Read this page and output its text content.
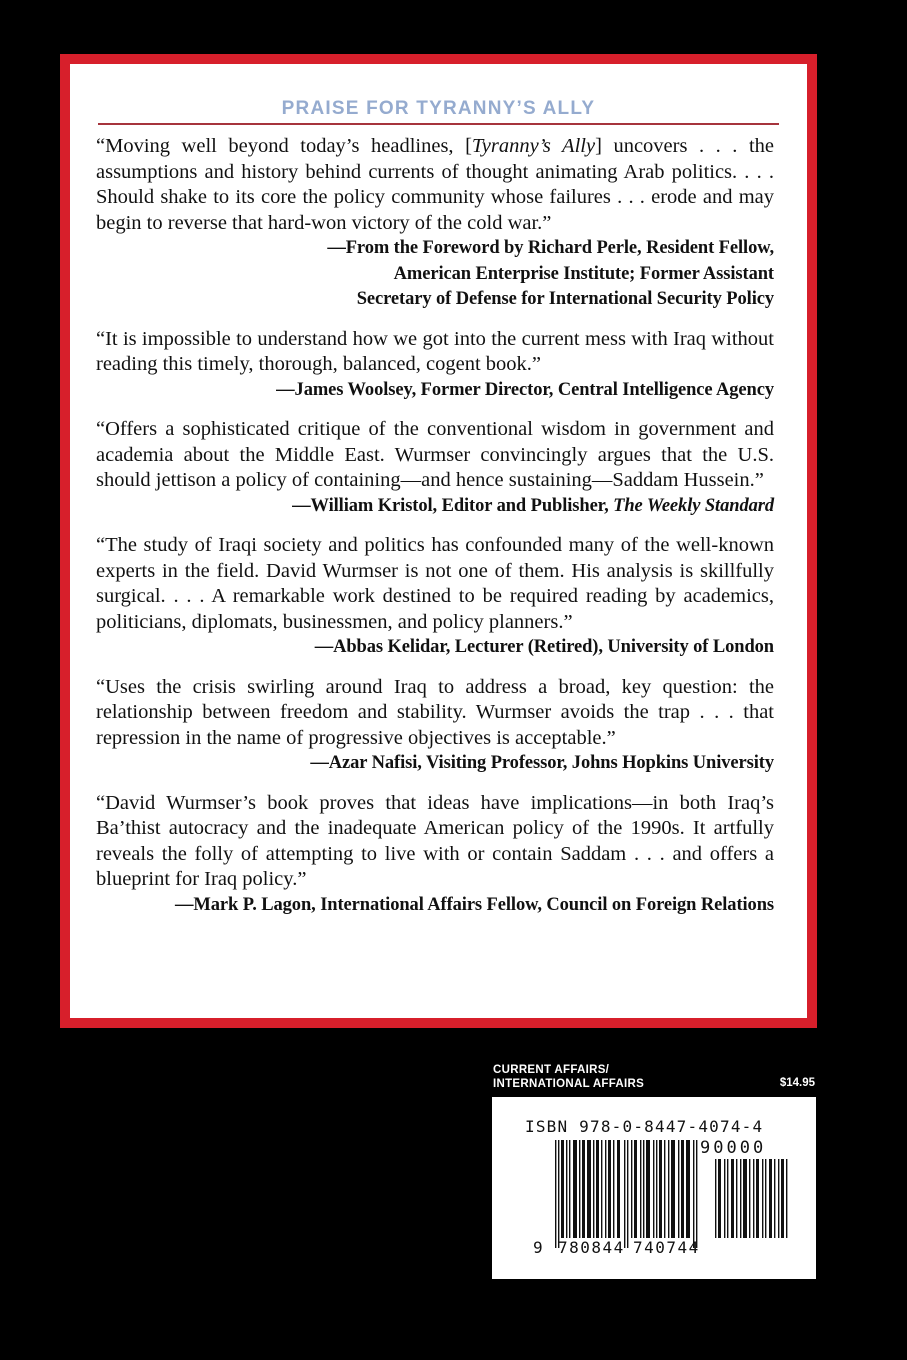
PRAISE FOR TYRANNY’S ALLY

“Moving well beyond today’s headlines, [Tyranny’s Ally] uncovers . . . the assumptions and history behind currents of thought animating Arab politics. . . . Should shake to its core the policy community whose failures . . . erode and may begin to reverse that hard-won victory of the cold war.”

—From the Foreword by Richard Perle, Resident Fellow,
American Enterprise Institute; Former Assistant
Secretary of Defense for International Security Policy

“It is impossible to understand how we got into the current mess with Iraq without reading this timely, thorough, balanced, cogent book.”

—James Woolsey, Former Director, Central Intelligence Agency

“Offers a sophisticated critique of the conventional wisdom in government and academia about the Middle East. Wurmser convincingly argues that the U.S. should jettison a policy of containing—and hence sustaining—Saddam Hussein.”

—William Kristol, Editor and Publisher, The Weekly Standard

“The study of Iraqi society and politics has confounded many of the well-known experts in the field. David Wurmser is not one of them. His analysis is skillfully surgical. . . . A remarkable work destined to be required reading by academics, politicians, diplomats, businessmen, and policy planners.”

—Abbas Kelidar, Lecturer (Retired), University of London

“Uses the crisis swirling around Iraq to address a broad, key question: the relationship between freedom and stability. Wurmser avoids the trap . . . that repression in the name of progressive objectives is acceptable.”

—Azar Nafisi, Visiting Professor, Johns Hopkins University

“David Wurmser’s book proves that ideas have implications—in both Iraq’s Ba’thist autocracy and the inadequate American policy of the 1990s. It artfully reveals the folly of attempting to live with or contain Saddam . . . and offers a blueprint for Iraq policy.”

—Mark P. Lagon, International Affairs Fellow, Council on Foreign Relations

CURRENT AFFAIRS/
INTERNATIONAL AFFAIRS	$14.95
ISBN 978-0-8447-4074-4
90000
9 780844 740744
